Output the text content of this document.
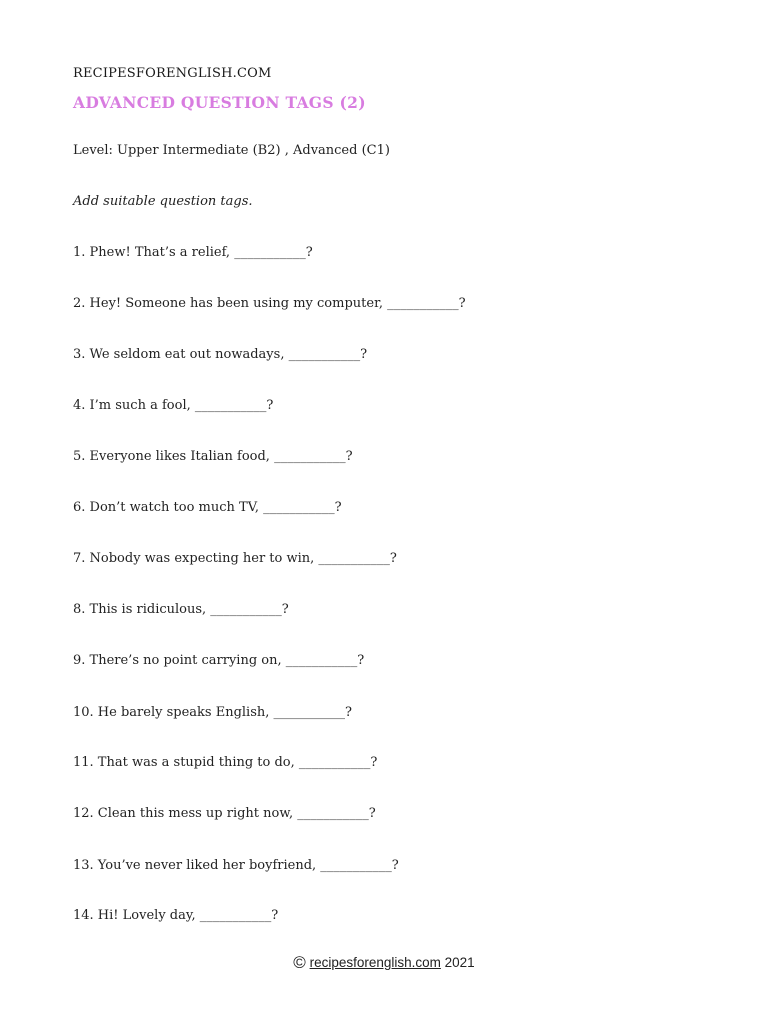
RECIPESFORENGLISH.COM
ADVANCED QUESTION TAGS (2)
Level: Upper Intermediate (B2) , Advanced (C1)
Add suitable question tags.
1. Phew! That’s a relief, ___________?
2. Hey! Someone has been using my computer, ___________?
3. We seldom eat out nowadays, ___________?
4. I’m such a fool, ___________?
5. Everyone likes Italian food, ___________?
6. Don’t watch too much TV, ___________?
7. Nobody was expecting her to win, ___________?
8. This is ridiculous, ___________?
9. There’s no point carrying on, ___________?
10. He barely speaks English, ___________?
11. That was a stupid thing to do, ___________?
12. Clean this mess up right now, ___________?
13. You’ve never liked her boyfriend, ___________?
14. Hi! Lovely day, ___________?
© recipesforenglish.com 2021
